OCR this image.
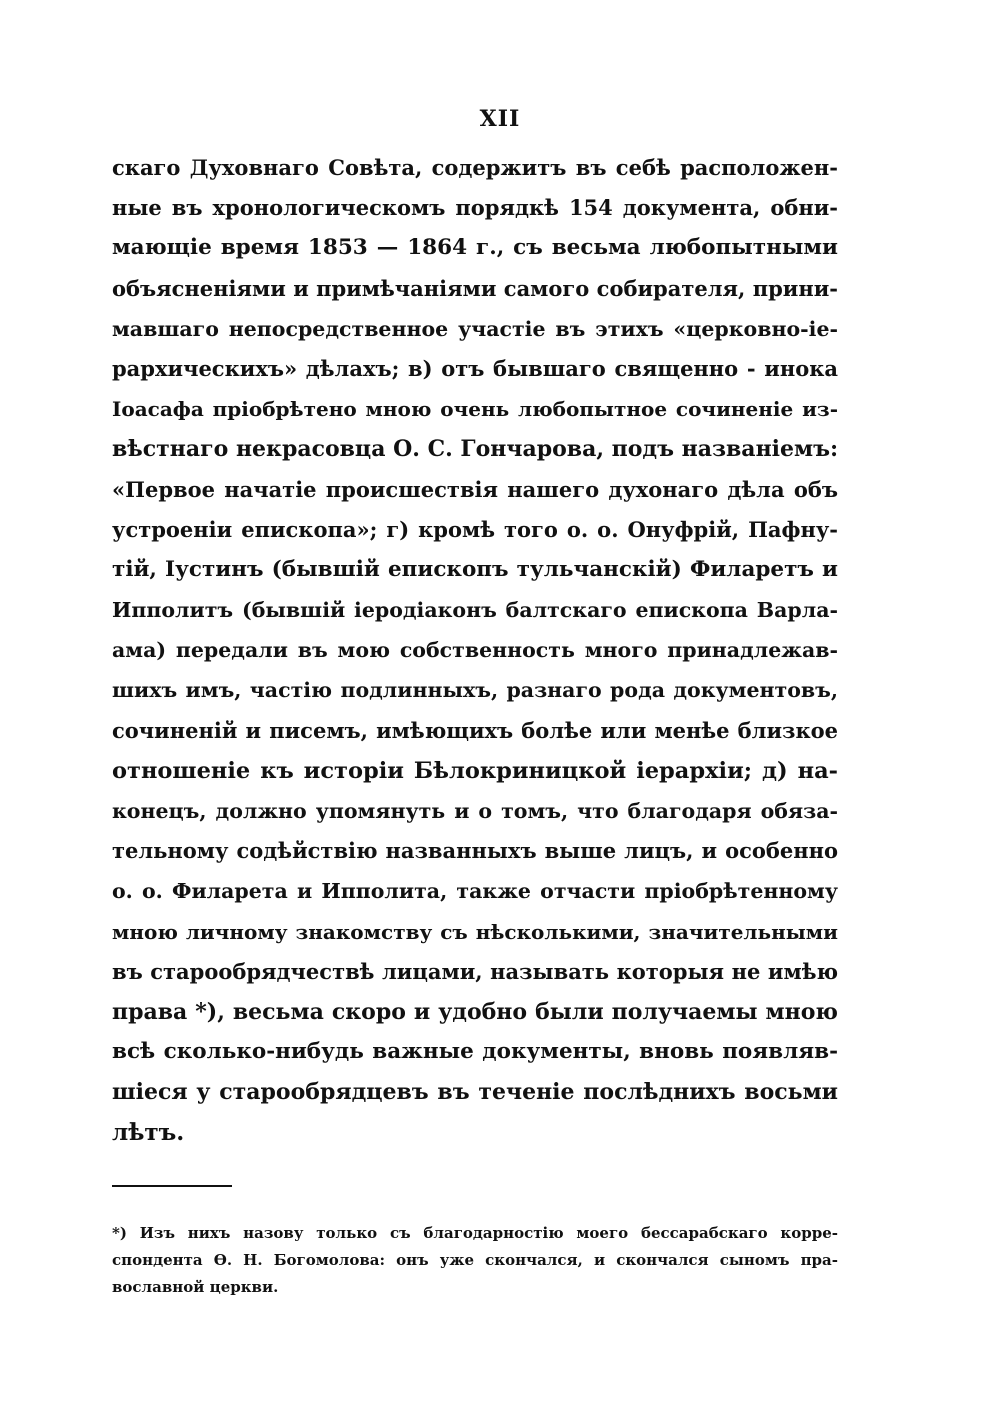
XII
скаго Духовнаго Совѣта, содержитъ въ себѣ расположен-
ные въ хронологическомъ порядкѣ 154 документа, обни-
мающіе время 1853 — 1864 г., съ весьма любопытными
объясненіями и примѣчаніями самого собирателя, прини-
мавшаго непосредственное участіе въ этихъ «церковно-іе-
рархическихъ» дѣлахъ; в) отъ бывшаго священно - инока
Іоасафа пріобрѣтено мною очень любопытное сочиненіе из-
вѣстнаго некрасовца О. С. Гончарова, подъ названіемъ:
«Первое начатіе происшествія нашего духонаго дѣла объ
устроеніи епископа»; г) кромѣ того о. о. Онуфрій, Пафну-
тій, Іустинъ (бывшій епископъ тульчанскій) Филаретъ и
Ипполитъ (бывшій іеродіаконъ балтскаго епископа Варла-
ама) передали въ мою собственность много принадлежав-
шихъ имъ, частію подлинныхъ, разнаго рода документовъ,
сочиненій и писемъ, имѣющихъ болѣе или менѣе близкое
отношеніе къ исторіи Бѣлокриницкой іерархіи; д) на-
конецъ, должно упомянуть и о томъ, что благодаря обяза-
тельному содѣйствію названныхъ выше лицъ, и особенно
о. о. Филарета и Ипполита, также отчасти пріобрѣтенному
мною личному знакомству съ нѣсколькими, значительными
въ старообрядчествѣ лицами, называть которыя не имѣю
права *), весьма скоро и удобно были получаемы мною
всѣ сколько-нибудь важные документы, вновь появляв-
шіеся у старообрядцевъ въ теченіе послѣднихъ восьми
лѣтъ.
*) Изъ нихъ назову только съ благодарностію моего бессарабскаго корре-
спондента Ѳ. Н. Богомолова: онъ уже скончался, и скончался сыномъ пра-
вославной церкви.
